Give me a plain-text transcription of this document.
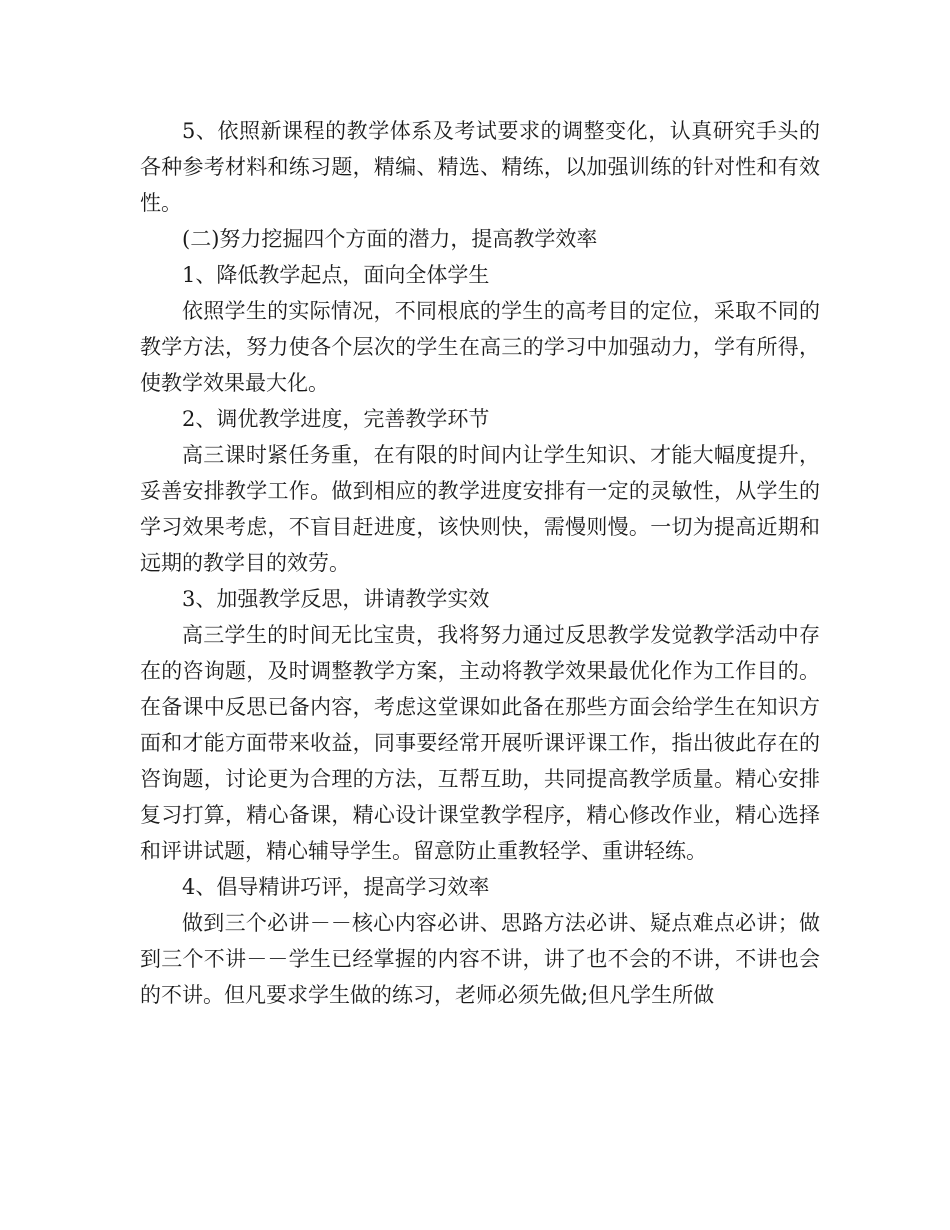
5、依照新课程的教学体系及考试要求的调整变化，认真研究手头的各种参考材料和练习题，精编、精选、精练，以加强训练的针对性和有效性。

(二)努力挖掘四个方面的潜力，提高教学效率

1、降低教学起点，面向全体学生

依照学生的实际情况，不同根底的学生的高考目的定位，采取不同的教学方法，努力使各个层次的学生在高三的学习中加强动力，学有所得，使教学效果最大化。

2、调优教学进度，完善教学环节

高三课时紧任务重，在有限的时间内让学生知识、才能大幅度提升，妥善安排教学工作。做到相应的教学进度安排有一定的灵敏性，从学生的学习效果考虑，不盲目赶进度，该快则快，需慢则慢。一切为提高近期和远期的教学目的效劳。

3、加强教学反思，讲请教学实效

高三学生的时间无比宝贵，我将努力通过反思教学发觉教学活动中存在的咨询题，及时调整教学方案，主动将教学效果最优化作为工作目的。在备课中反思已备内容，考虑这堂课如此备在那些方面会给学生在知识方面和才能方面带来收益，同事要经常开展听课评课工作，指出彼此存在的咨询题，讨论更为合理的方法，互帮互助，共同提高教学质量。精心安排复习打算，精心备课，精心设计课堂教学程序，精心修改作业，精心选择和评讲试题，精心辅导学生。留意防止重教轻学、重讲轻练。

4、倡导精讲巧评，提高学习效率

做到三个必讲－－核心内容必讲、思路方法必讲、疑点难点必讲；做到三个不讲－－学生已经掌握的内容不讲，讲了也不会的不讲，不讲也会的不讲。但凡要求学生做的练习，老师必须先做;但凡学生所做
